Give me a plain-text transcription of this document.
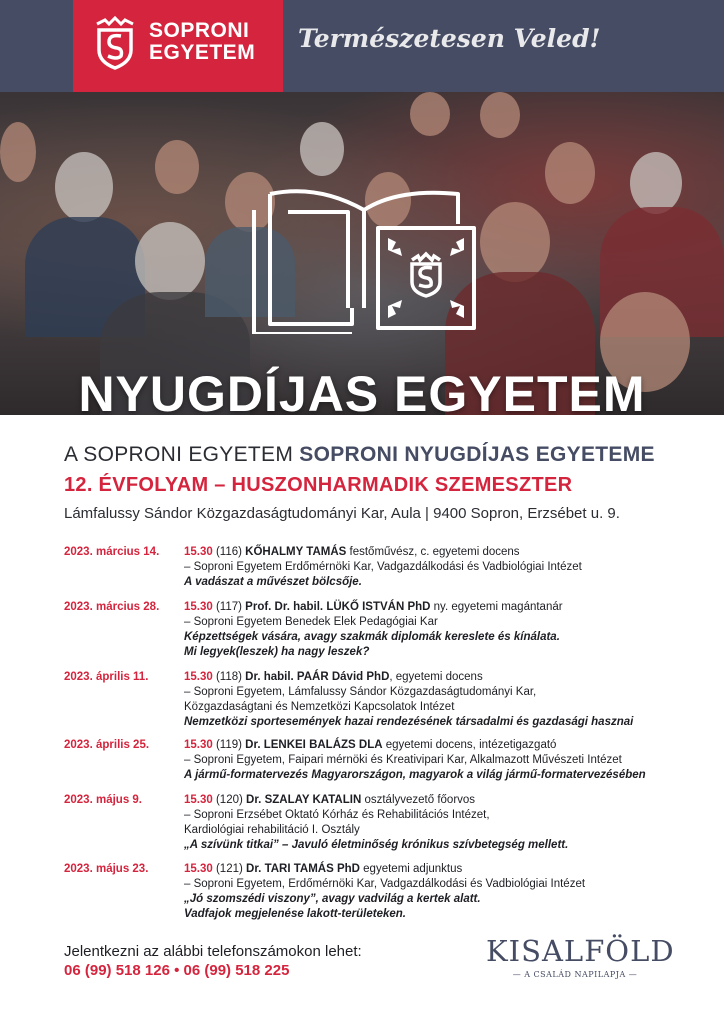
SOPRONI
EGYETEM Természetesen Veled!
NYUGDÍJAS EGYETEM
A SOPRONI EGYETEM SOPRONI NYUGDÍJAS EGYETEME
12. ÉVFOLYAM – HUSZONHARMADIK SZEMESZTER
Lámfalussy Sándor Közgazdaságtudományi Kar, Aula | 9400 Sopron, Erzsébet u. 9.
2023. március 14.	15.30 (116) KŐHALMY TAMÁS festőművész, c. egyetemi docens
– Soproni Egyetem Erdőmérnöki Kar, Vadgazdálkodási és Vadbiológiai Intézet
A vadászat a művészet bölcsője.
2023. március 28.	15.30 (117) Prof. Dr. habil. LÜKŐ ISTVÁN PhD ny. egyetemi magántanár
– Soproni Egyetem Benedek Elek Pedagógiai Kar
Képzettségek vására, avagy szakmák diplomák kereslete és kínálata.
Mi legyek(leszek) ha nagy leszek?
2023. április 11.	15.30 (118) Dr. habil. PAÁR Dávid PhD, egyetemi docens
– Soproni Egyetem, Lámfalussy Sándor Közgazdaságtudományi Kar,
Közgazdaságtani és Nemzetközi Kapcsolatok Intézet
Nemzetközi sportesemények hazai rendezésének társadalmi és gazdasági hasznai
2023. április 25.	15.30 (119) Dr. LENKEI BALÁZS DLA egyetemi docens, intézetigazgató
– Soproni Egyetem, Faipari mérnöki és Kreativipari Kar, Alkalmazott Művészeti Intézet
A jármű-formatervezés Magyarországon, magyarok a világ jármű-formatervezésében
2023. május 9.	15.30 (120) Dr. SZALAY KATALIN osztályvezető főorvos
– Soproni Erzsébet Oktató Kórház és Rehabilitációs Intézet,
Kardiológiai rehabilitáció I. Osztály
„A szívünk titkai” – Javuló életminőség krónikus szívbetegség mellett.
2023. május 23.	15.30 (121) Dr. TARI TAMÁS PhD egyetemi adjunktus
– Soproni Egyetem, Erdőmérnöki Kar, Vadgazdálkodási és Vadbiológiai Intézet
„Jó szomszédi viszony”, avagy vadvilág a kertek alatt.
Vadfajok megjelenése lakott-területeken.
Jelentkezni az alábbi telefonszámokon lehet:
06 (99) 518 126 • 06 (99) 518 225
KISALFÖLD
— A CSALÁD NAPILAPJA —
